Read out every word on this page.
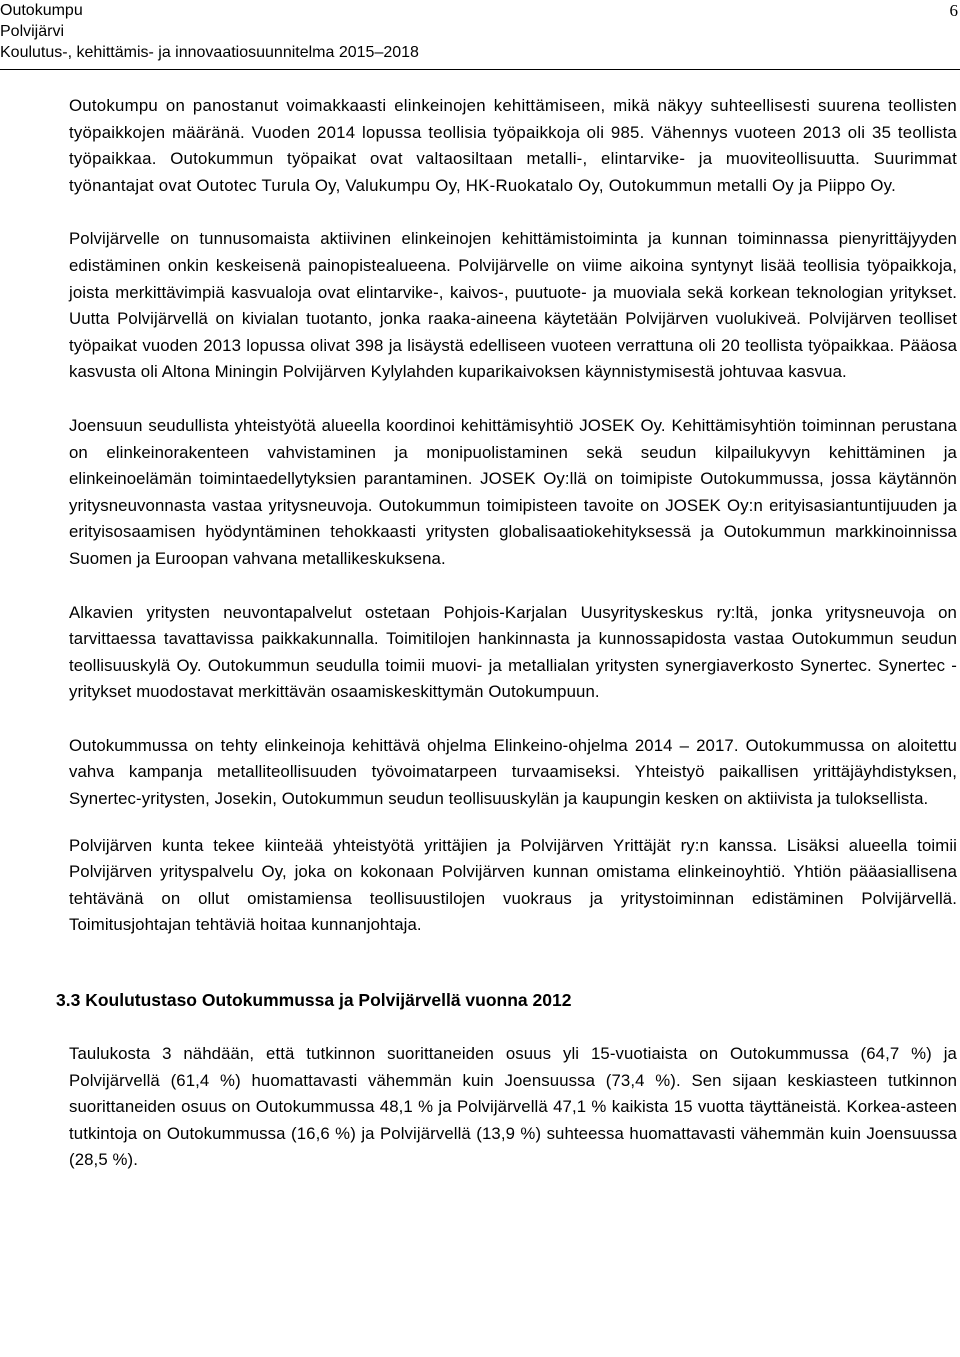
Outokumpu
Polvijärvi
Koulutus-, kehittämis- ja innovaatiosuunnitelma 2015–2018
6

Outokumpu on panostanut voimakkaasti elinkeinojen kehittämiseen, mikä näkyy suhteellisesti suurena teollisten työpaikkojen määränä. Vuoden 2014 lopussa teollisia työpaikkoja oli 985. Vähennys vuoteen 2013 oli 35 teollista työpaikkaa. Outokummun työpaikat ovat valtaosiltaan metalli-, elintarvike- ja muoviteollisuutta. Suurimmat työnantajat ovat Outotec Turula Oy, Valukumpu Oy, HK-Ruokatalo Oy, Outokummun metalli Oy ja Piippo Oy.

Polvijärvelle on tunnusomaista aktiivinen elinkeinojen kehittämistoiminta ja kunnan toiminnassa pienyrittäjyyden edistäminen onkin keskeisenä painopistealueena. Polvijärvelle on viime aikoina syntynyt lisää teollisia työpaikkoja, joista merkittävimpiä kasvualoja ovat elintarvike-, kaivos-, puutuote- ja muoviala sekä korkean teknologian yritykset. Uutta Polvijärvellä on kivialan tuotanto, jonka raaka-aineena käytetään Polvijärven vuolukiveä. Polvijärven teolliset työpaikat vuoden 2013 lopussa olivat 398 ja lisäystä edelliseen vuoteen verrattuna oli 20 teollista työpaikkaa. Pääosa kasvusta oli Altona Miningin Polvijärven Kylylahden kuparikaivoksen käynnistymisestä johtuvaa kasvua.

Joensuun seudullista yhteistyötä alueella koordinoi kehittämisyhtiö JOSEK Oy. Kehittämisyhtiön toiminnan perustana on elinkeinorakenteen vahvistaminen ja monipuolistaminen sekä seudun kilpailukyvyn kehittäminen ja elinkeinoelämän toimintaedellytyksien parantaminen. JOSEK Oy:llä on toimipiste Outokummussa, jossa käytännön yritysneuvonnasta vastaa yritysneuvoja. Outokummun toimipisteen tavoite on JOSEK Oy:n erityisasiantuntijuuden ja erityisosaamisen hyödyntäminen tehokkaasti yritysten globalisaatiokehityksessä ja Outokummun markkinoinnissa Suomen ja Euroopan vahvana metallikeskuksena.

Alkavien yritysten neuvontapalvelut ostetaan Pohjois-Karjalan Uusyrityskeskus ry:ltä, jonka yritysneuvoja on tarvittaessa tavattavissa paikkakunnalla. Toimitilojen hankinnasta ja kunnossapidosta vastaa Outokummun seudun teollisuuskylä Oy. Outokummun seudulla toimii muovi- ja metallialan yritysten synergiaverkosto Synertec. Synertec -yritykset muodostavat merkittävän osaamiskeskittymän Outokumpuun.

Outokummussa on tehty elinkeinoja kehittävä ohjelma Elinkeino-ohjelma 2014 – 2017. Outokummussa on aloitettu vahva kampanja metalliteollisuuden työvoimatarpeen turvaamiseksi. Yhteistyö paikallisen yrittäjäyhdistyksen, Synertec-yritysten, Josekin, Outokummun seudun teollisuuskylän ja kaupungin kesken on aktiivista ja tuloksellista.

Polvijärven kunta tekee kiinteää yhteistyötä yrittäjien ja Polvijärven Yrittäjät ry:n kanssa. Lisäksi alueella toimii Polvijärven yrityspalvelu Oy, joka on kokonaan Polvijärven kunnan omistama elinkeinoyhtiö. Yhtiön pääasiallisena tehtävänä on ollut omistamiensa teollisuustilojen vuokraus ja yritystoiminnan edistäminen Polvijärvellä. Toimitusjohtajan tehtäviä hoitaa kunnanjohtaja.

3.3 Koulutustaso Outokummussa ja Polvijärvellä vuonna 2012

Taulukosta 3 nähdään, että tutkinnon suorittaneiden osuus yli 15-vuotiaista on Outokummussa (64,7 %) ja Polvijärvellä (61,4 %) huomattavasti vähemmän kuin Joensuussa (73,4 %). Sen sijaan keskiasteen tutkinnon suorittaneiden osuus on Outokummussa 48,1 % ja Polvijärvellä 47,1 % kaikista 15 vuotta täyttäneistä. Korkea-asteen tutkintoja on Outokummussa (16,6 %) ja Polvijärvellä (13,9 %) suhteessa huomattavasti vähemmän kuin Joensuussa (28,5 %).
